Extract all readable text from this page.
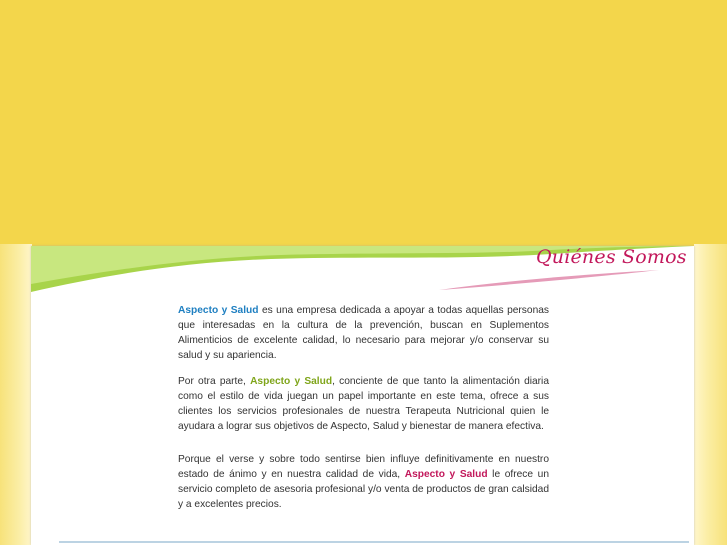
Quiénes Somos

Aspecto y Salud es una empresa dedicada a apoyar a todas aquellas personas que interesadas en la cultura de la prevención, buscan en Suplementos Alimenticios de excelente calidad, lo necesario para mejorar y/o conservar su salud y su apariencia.

Por otra parte, Aspecto y Salud, conciente de que tanto la alimentación diaria como el estilo de vida juegan un papel importante en este tema, ofrece a sus clientes los servicios profesionales de nuestra Terapeuta Nutricional quien le ayudara a lograr sus objetivos de Aspecto, Salud y bienestar de manera efectiva.

Porque el verse y sobre todo sentirse bien influye definitivamente en nuestro estado de ánimo y en nuestra calidad de vida, Aspecto y Salud le ofrece un servicio completo de asesoria profesional y/o venta de productos de gran calsidad y a excelentes precios.
